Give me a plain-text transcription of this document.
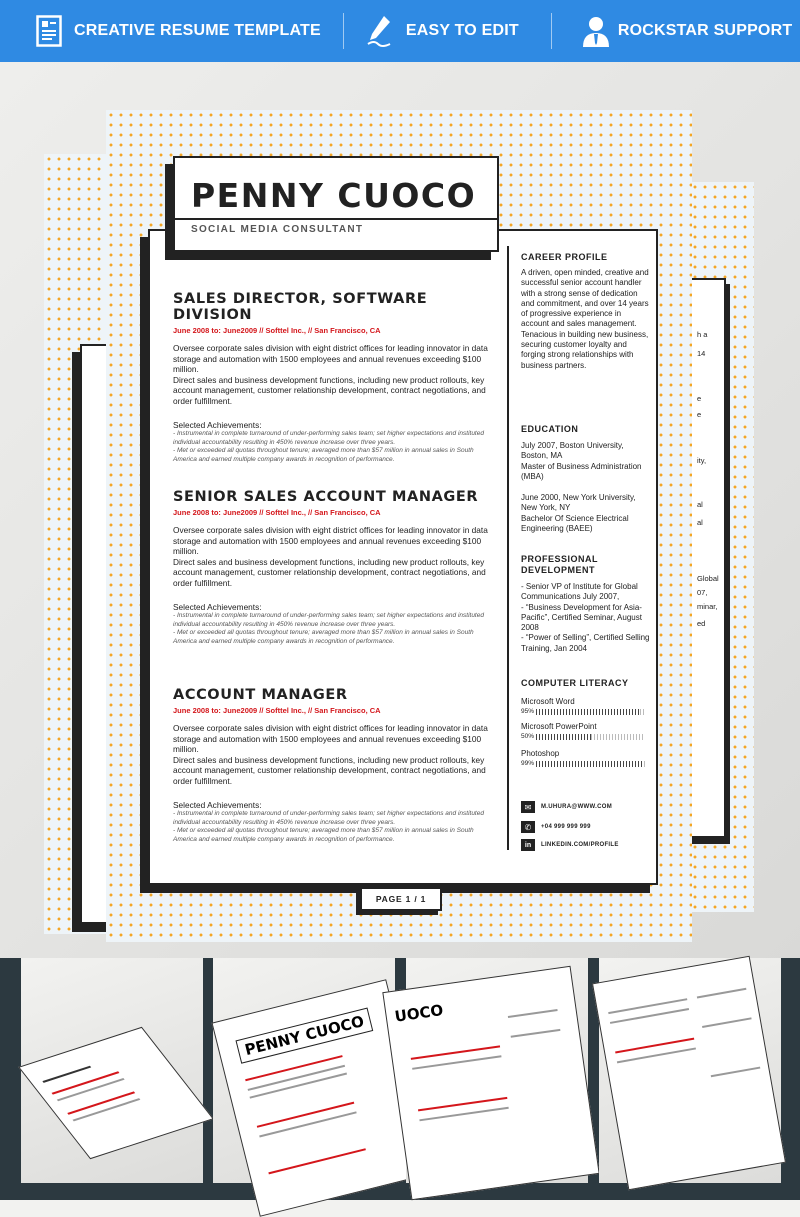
CREATIVE RESUME TEMPLATE	EASY TO EDIT	ROCKSTAR SUPPORT
h a
14
e
e
ity,
al
al
Global
07,
minar,
ed
PENNY CUOCO
SOCIAL MEDIA CONSULTANT
SALES DIRECTOR, SOFTWARE DIVISION
June 2008 to: June2009 // Softtel Inc., // San Francisco, CA
Oversee corporate sales division with eight district offices for leading innovator in data storage and automation with 1500 employees and annual revenues exceeding $100 million.
Direct sales and business development functions, including new product rollouts, key account management, customer relationship development, contract negotiations, and order fulfillment.
Selected Achievements:
- Instrumental in complete turnaround of under-performing sales team; set higher expectations and instituted individual accountability resulting in 450% revenue increase over three years.
- Met or exceeded all quotas throughout tenure; averaged more than $57 million in annual sales in South America and earned multiple company awards in recognition of performance.
SENIOR SALES ACCOUNT MANAGER
June 2008 to: June2009 // Softtel Inc., // San Francisco, CA
Oversee corporate sales division with eight district offices for leading innovator in data storage and automation with 1500 employees and annual revenues exceeding $100 million.
Direct sales and business development functions, including new product rollouts, key account management, customer relationship development, contract negotiations, and order fulfillment.
Selected Achievements:
- Instrumental in complete turnaround of under-performing sales team; set higher expectations and instituted individual accountability resulting in 450% revenue increase over three years.
- Met or exceeded all quotas throughout tenure; averaged more than $57 million in annual sales in South America and earned multiple company awards in recognition of performance.
ACCOUNT MANAGER
June 2008 to: June2009 // Softtel Inc., // San Francisco, CA
Oversee corporate sales division with eight district offices for leading innovator in data storage and automation with 1500 employees and annual revenues exceeding $100 million.
Direct sales and business development functions, including new product rollouts, key account management, customer relationship development, contract negotiations, and order fulfillment.
Selected Achievements:
- Instrumental in complete turnaround of under-performing sales team; set higher expectations and instituted individual accountability resulting in 450% revenue increase over three years.
- Met or exceeded all quotas throughout tenure; averaged more than $57 million in annual sales in South America and earned multiple company awards in recognition of performance.
CAREER PROFILE

A driven, open minded, creative and successful senior account handler with a strong sense of dedication and commitment, and over 14 years of progressive experience in account and sales management. Tenacious in building new business, securing customer loyalty and forging strong relationships with business partners.

EDUCATION

July 2007, Boston University, Boston, MA

Master of Business Administration (MBA)

June 2000, New York University, New York, NY

Bachelor Of Science Electrical Engineering (BAEE)

PROFESSIONAL DEVELOPMENT

- Senior VP of Institute for Global Communications July 2007,

- “Business Development for Asia-Pacific”, Certified Seminar, August 2008

- “Power of Selling”, Certified Selling Training, Jan 2004

COMPUTER LITERACY
Microsoft Word
95%
Microsoft PowerPoint
50%
Photoshop
99%
✉	M.UHURA@WWW.COM
✆	+04 999 999 999
in	LINKEDIN.COM/PROFILE
PAGE 1 / 1
PENNY CUOCO	UOCO
